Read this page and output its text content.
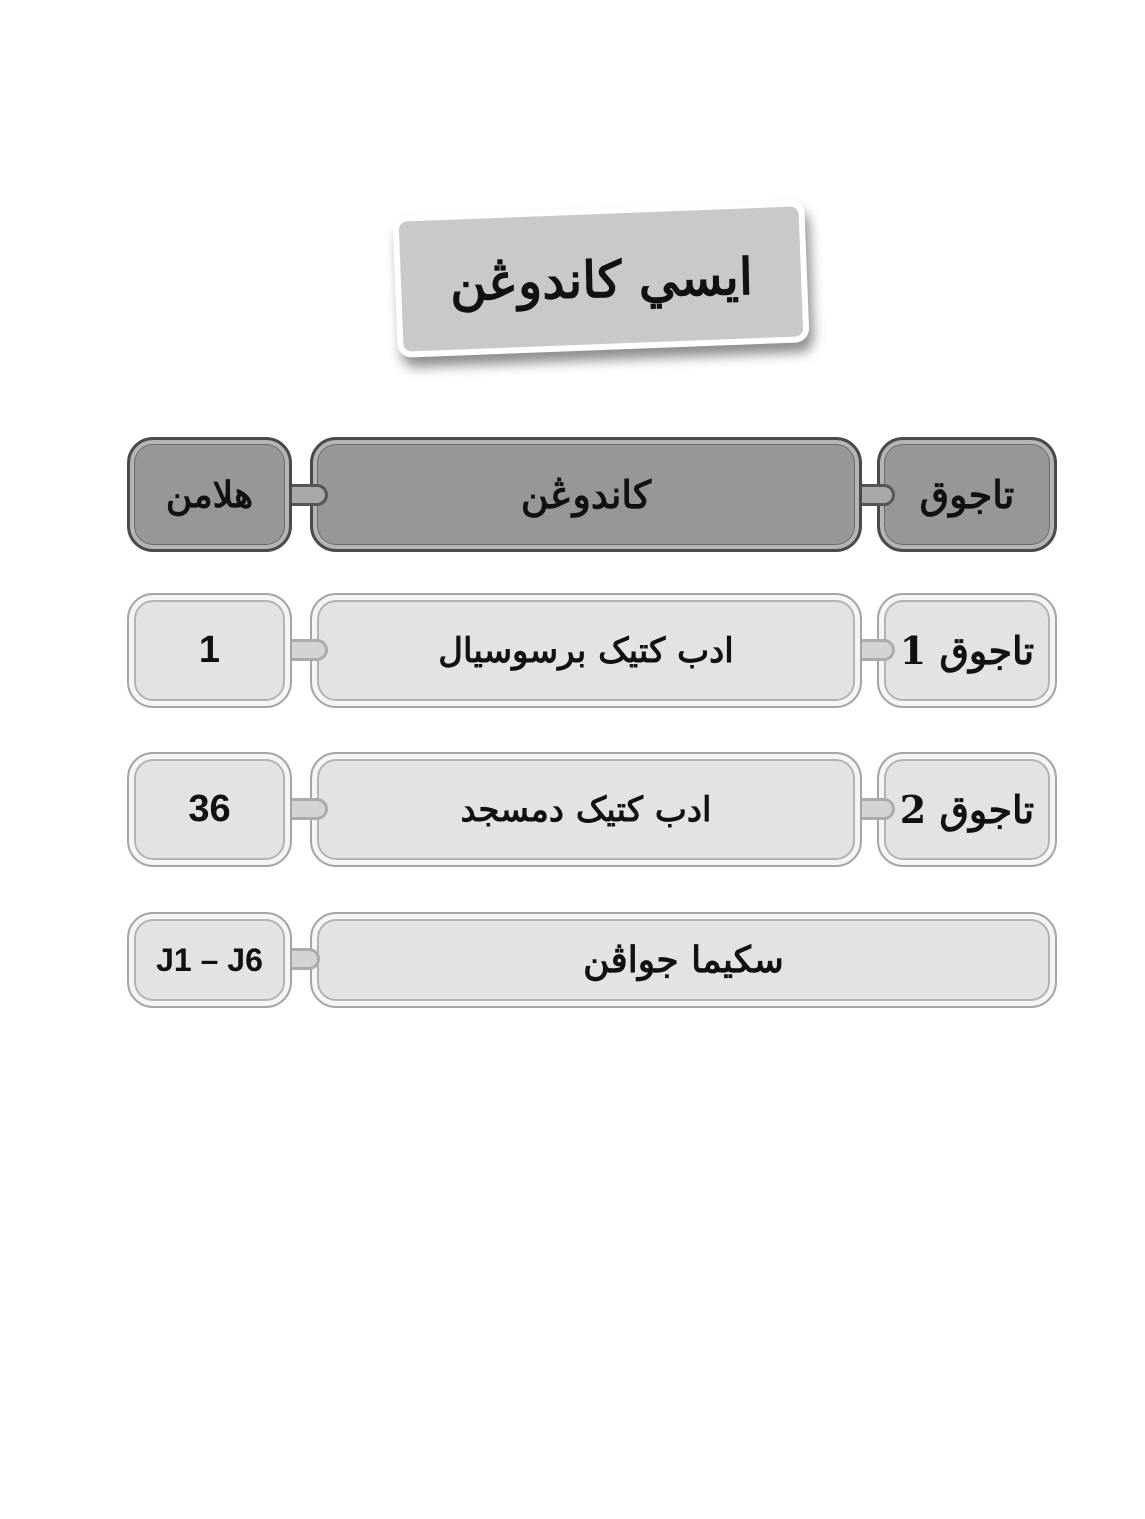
ايسي كاندوڠن
تاجوق
كاندوڠن
هلامن
تاجوق 1
ادب كتيک برسوسيال
1
تاجوق 2
ادب كتيک دمسجد
36
سكيما جواڤن
J1 – J6
